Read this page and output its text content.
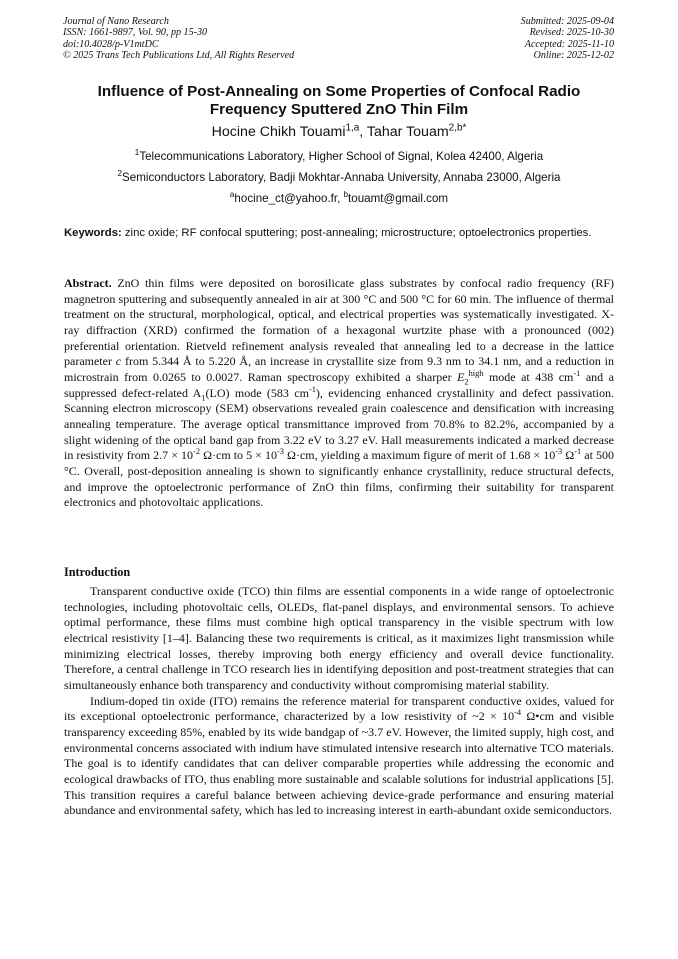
Journal of Nano Research
ISSN: 1661-9897, Vol. 90, pp 15-30
doi:10.4028/p-V1mtDC
© 2025 Trans Tech Publications Ltd, All Rights Reserved
Submitted: 2025-09-04
Revised: 2025-10-30
Accepted: 2025-11-10
Online: 2025-12-02
Influence of Post-Annealing on Some Properties of Confocal Radio
Frequency Sputtered ZnO Thin Film
Hocine Chikh Touami$^{1,a}$, Tahar Touam$^{2,b*}$
$^1$Telecommunications Laboratory, Higher School of Signal, Kolea 42400, Algeria
$^2$Semiconductors Laboratory, Badji Mokhtar-Annaba University, Annaba 23000, Algeria
$^a$hocine_ct@yahoo.fr, $^b$touamt@gmail.com
Keywords: zinc oxide; RF confocal sputtering; post-annealing; microstructure; optoelectronics properties.
Abstract. ZnO thin films were deposited on borosilicate glass substrates by confocal radio frequency (RF) magnetron sputtering and subsequently annealed in air at 300 °C and 500 °C for 60 min. The influence of thermal treatment on the structural, morphological, optical, and electrical properties was systematically investigated. X-ray diffraction (XRD) confirmed the formation of a hexagonal wurtzite phase with a pronounced (002) preferential orientation. Rietveld refinement analysis revealed that annealing led to a decrease in the lattice parameter c from 5.344 Å to 5.220 Å, an increase in crystallite size from 9.3 nm to 34.1 nm, and a reduction in microstrain from 0.0265 to 0.0027. Raman spectroscopy exhibited a sharper $E_2^{high}$ mode at 438 $cm^{-1}$ and a suppressed defect-related $A_1(LO)$ mode (583 $cm^{-1}$), evidencing enhanced crystallinity and defect passivation. Scanning electron microscopy (SEM) observations revealed grain coalescence and densification with increasing annealing temperature. The average optical transmittance improved from 70.8% to 82.2%, accompanied by a slight widening of the optical band gap from 3.22 eV to 3.27 eV. Hall measurements indicated a marked decrease in resistivity from $2.7 \times 10^{-2}$ Ω·cm to $5 \times 10^{-3}$ Ω·cm, yielding a maximum figure of merit of $1.68 \times 10^{-3}$ $\Omega^{-1}$ at 500 °C. Overall, post-deposition annealing is shown to significantly enhance crystallinity, reduce structural defects, and improve the optoelectronic performance of ZnO thin films, confirming their suitability for transparent electronics and photovoltaic applications.
Introduction

Transparent conductive oxide (TCO) thin films are essential components in a wide range of optoelectronic technologies, including photovoltaic cells, OLEDs, flat-panel displays, and environmental sensors. To achieve optimal performance, these films must combine high optical transparency in the visible spectrum with low electrical resistivity [1–4]. Balancing these two requirements is critical, as it maximizes light transmission while minimizing electrical losses, thereby improving both energy efficiency and overall device functionality. Therefore, a central challenge in TCO research lies in identifying deposition and post-treatment strategies that can simultaneously enhance both transparency and conductivity without compromising material stability.

Indium-doped tin oxide (ITO) remains the reference material for transparent conductive oxides, valued for its exceptional optoelectronic performance, characterized by a low resistivity of ~2 × $10^{-4}$ Ω•cm and visible transparency exceeding 85%, enabled by its wide bandgap of ~3.7 eV. However, the limited supply, high cost, and environmental concerns associated with indium have stimulated intensive research into alternative TCO materials. The goal is to identify candidates that can deliver comparable properties while addressing the economic and ecological drawbacks of ITO, thus enabling more sustainable and scalable solutions for industrial applications [5]. This transition requires a careful balance between achieving device-grade performance and ensuring material abundance and environmental safety, which has led to increasing interest in earth-abundant oxide semiconductors.
